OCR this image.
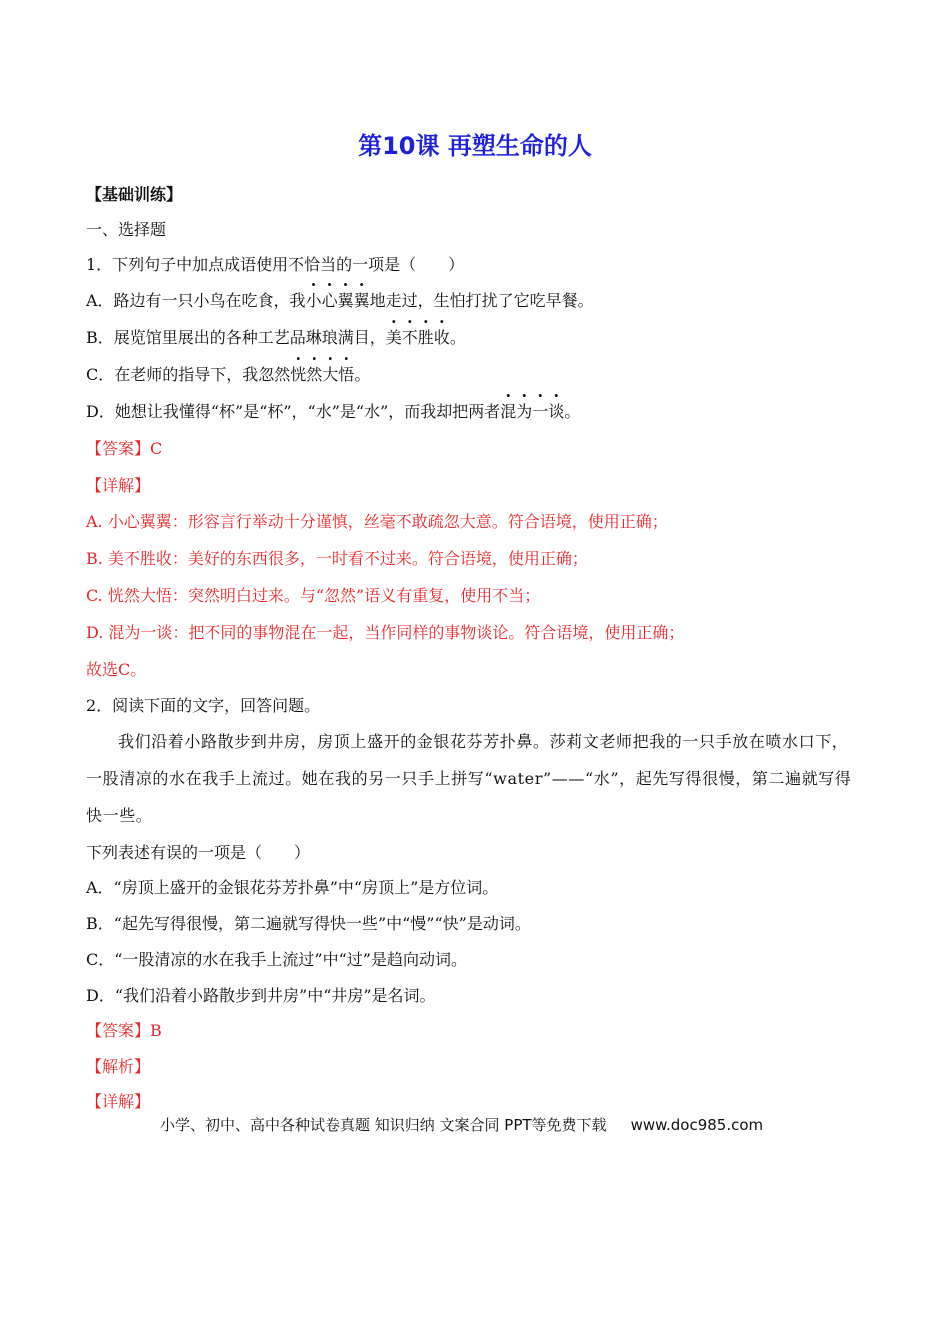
第10课 再塑生命的人
【基础训练】
一、选择题
1．下列句子中加点成语使用不恰当的一项是（　　）
A．路边有一只小鸟在吃食，我小心翼翼地走过，生怕打扰了它吃早餐。
B．展览馆里展出的各种工艺品琳琅满目，美不胜收。
C．在老师的指导下，我忽然恍然大悟。
D．她想让我懂得“杯”是“杯”，“水”是“水”，而我却把两者混为一谈。
【答案】C
【详解】
A. 小心翼翼：形容言行举动十分谨慎，丝毫不敢疏忽大意。符合语境，使用正确；
B. 美不胜收：美好的东西很多，一时看不过来。符合语境，使用正确；
C. 恍然大悟：突然明白过来。与“忽然”语义有重复，使用不当；
D. 混为一谈：把不同的事物混在一起，当作同样的事物谈论。符合语境，使用正确；
故选C。
2．阅读下面的文字，回答问题。
我们沿着小路散步到井房，房顶上盛开的金银花芬芳扑鼻。莎莉文老师把我的一只手放在喷水口下，一股清凉的水在我手上流过。她在我的另一只手上拼写“water”——“水”，起先写得很慢，第二遍就写得快一些。
下列表述有误的一项是（　　）
A．“房顶上盛开的金银花芬芳扑鼻”中“房顶上”是方位词。
B．“起先写得很慢，第二遍就写得快一些”中“慢”“快”是动词。
C．“一股清凉的水在我手上流过”中“过”是趋向动词。
D．“我们沿着小路散步到井房”中“井房”是名词。
【答案】B
【解析】
【详解】
小学、初中、高中各种试卷真题 知识归纳 文案合同 PPT等免费下载 www.doc985.com
